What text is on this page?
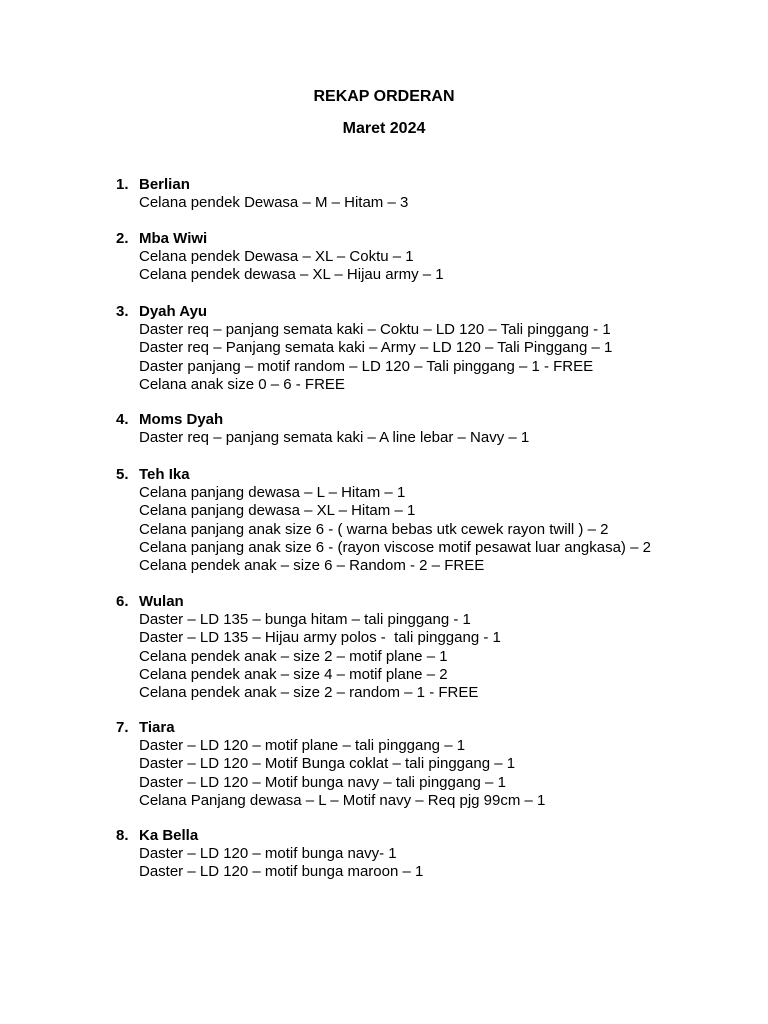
REKAP ORDERAN
Maret 2024
1. Berlian
Celana pendek Dewasa – M – Hitam – 3
2. Mba Wiwi
Celana pendek Dewasa – XL – Coktu – 1
Celana pendek dewasa – XL – Hijau army – 1
3. Dyah Ayu
Daster req – panjang semata kaki – Coktu – LD 120 – Tali pinggang - 1
Daster req – Panjang semata kaki – Army – LD 120 – Tali Pinggang – 1
Daster panjang – motif random – LD 120 – Tali pinggang – 1 - FREE
Celana anak size 0 – 6 - FREE
4. Moms Dyah
Daster req – panjang semata kaki – A line lebar – Navy – 1
5. Teh Ika
Celana panjang dewasa – L – Hitam – 1
Celana panjang dewasa – XL – Hitam – 1
Celana panjang anak size 6 - ( warna bebas utk cewek rayon twill ) – 2
Celana panjang anak size 6 - (rayon viscose motif pesawat luar angkasa) – 2
Celana pendek anak – size 6 – Random - 2 – FREE
6. Wulan
Daster – LD 135 – bunga hitam – tali pinggang - 1
Daster – LD 135 – Hijau army polos -  tali pinggang - 1
Celana pendek anak – size 2 – motif plane – 1
Celana pendek anak – size 4 – motif plane – 2
Celana pendek anak – size 2 – random – 1 - FREE
7. Tiara
Daster – LD 120 – motif plane – tali pinggang – 1
Daster – LD 120 – Motif Bunga coklat – tali pinggang – 1
Daster – LD 120 – Motif bunga navy – tali pinggang – 1
Celana Panjang dewasa – L – Motif navy – Req pjg 99cm – 1
8. Ka Bella
Daster – LD 120 – motif bunga navy- 1
Daster – LD 120 – motif bunga maroon – 1
